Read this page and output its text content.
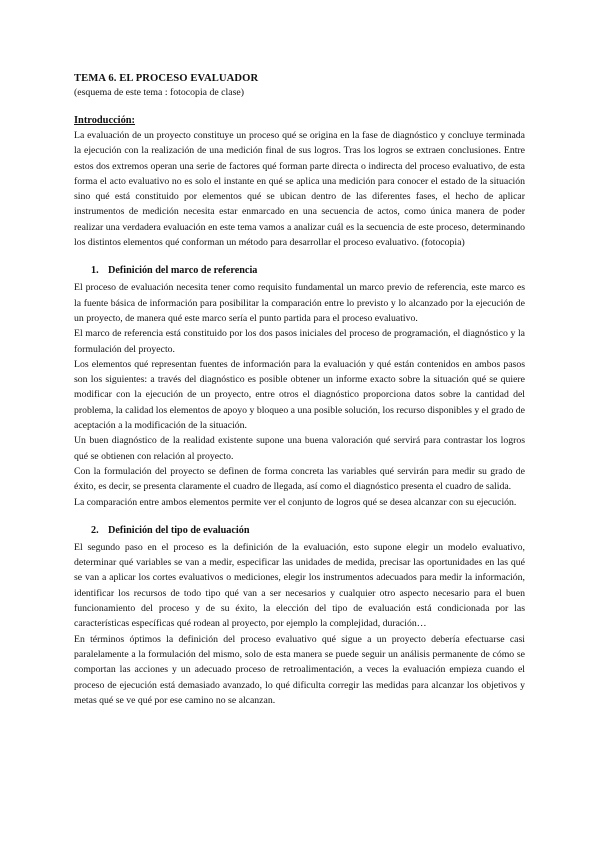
TEMA 6. EL PROCESO EVALUADOR
(esquema de este tema : fotocopia de clase)
Introducción:

La evaluación de un proyecto constituye un proceso qué se origina en la fase de diagnóstico y concluye terminada la ejecución con la realización de una medición final de sus logros. Tras los logros se extraen conclusiones. Entre estos dos extremos operan una serie de factores qué forman parte directa o indirecta del proceso evaluativo, de esta forma el acto evaluativo no es solo el instante en qué se aplica una medición para conocer el estado de la situación sino qué está constituido por elementos qué se ubican dentro de las diferentes fases, el hecho de aplicar instrumentos de medición necesita estar enmarcado en una secuencia de actos, como única manera de poder realizar una verdadera evaluación en este tema vamos a analizar cuál es la secuencia de este proceso, determinando los distintos elementos qué conforman un método para desarrollar el proceso evaluativo. (fotocopia)

1. Definición del marco de referencia

El proceso de evaluación necesita tener como requisito fundamental un marco previo de referencia, este marco es la fuente básica de información para posibilitar la comparación entre lo previsto y lo alcanzado por la ejecución de un proyecto, de manera qué este marco sería el punto partida para el proceso evaluativo.

El marco de referencia está constituido por los dos pasos iniciales del proceso de programación, el diagnóstico y la formulación del proyecto.

Los elementos qué representan fuentes de información para la evaluación y qué están contenidos en ambos pasos son los siguientes: a través del diagnóstico es posible obtener un informe exacto sobre la situación qué se quiere modificar con la ejecución de un proyecto, entre otros el diagnóstico proporciona datos sobre la cantidad del problema, la calidad los elementos de apoyo y bloqueo a una posible solución, los recurso disponibles y el grado de aceptación a la modificación de la situación.

Un buen diagnóstico de la realidad existente supone una buena valoración qué servirá para contrastar los logros qué se obtienen con relación al proyecto.

Con la formulación del proyecto se definen de forma concreta las variables qué servirán para medir su grado de éxito, es decir, se presenta claramente el cuadro de llegada, así como el diagnóstico presenta el cuadro de salida.

La comparación entre ambos elementos permite ver el conjunto de logros qué se desea alcanzar con su ejecución.

2. Definición del tipo de evaluación

El segundo paso en el proceso es la definición de la evaluación, esto supone elegir un modelo evaluativo, determinar qué variables se van a medir, especificar las unidades de medida, precisar las oportunidades en las qué se van a aplicar los cortes evaluativos o mediciones, elegir los instrumentos adecuados para medir la información, identificar los recursos de todo tipo qué van a ser necesarios y cualquier otro aspecto necesario para el buen funcionamiento del proceso y de su éxito, la elección del tipo de evaluación está condicionada por las características específicas qué rodean al proyecto, por ejemplo la complejidad, duración…

En términos óptimos la definición del proceso evaluativo qué sigue a un proyecto debería efectuarse casi paralelamente a la formulación del mismo, solo de esta manera se puede seguir un análisis permanente de cómo se comportan las acciones y un adecuado proceso de retroalimentación, a veces la evaluación empieza cuando el proceso de ejecución está demasiado avanzado, lo qué dificulta corregir las medidas para alcanzar los objetivos y metas qué se ve qué por ese camino no se alcanzan.
